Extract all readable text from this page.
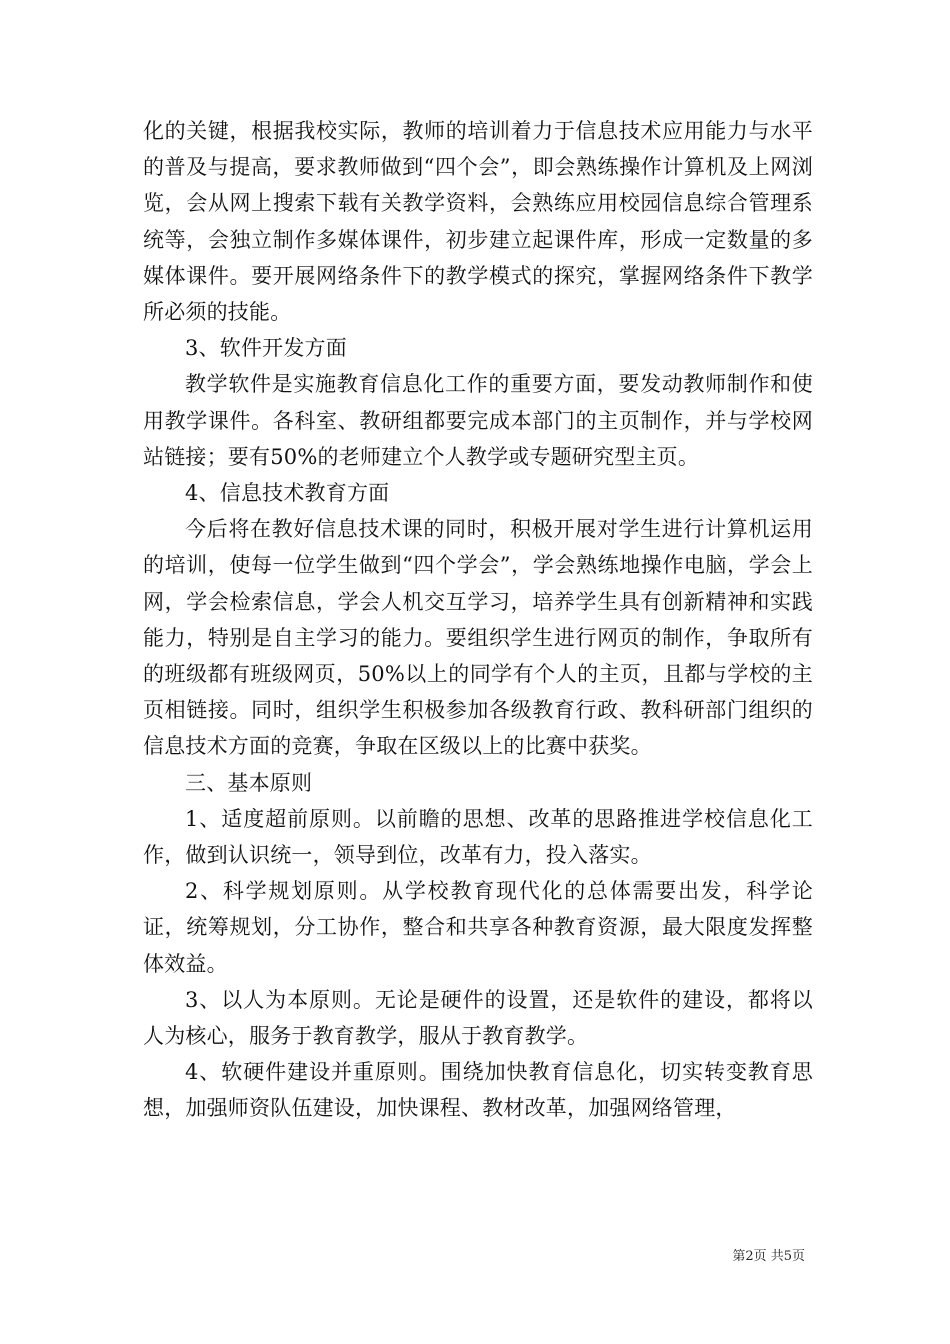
化的关键，根据我校实际，教师的培训着力于信息技术应用能力与水平的普及与提高，要求教师做到“四个会”，即会熟练操作计算机及上网浏览，会从网上搜索下载有关教学资料，会熟练应用校园信息综合管理系统等，会独立制作多媒体课件，初步建立起课件库，形成一定数量的多媒体课件。要开展网络条件下的教学模式的探究，掌握网络条件下教学所必须的技能。

3、软件开发方面

教学软件是实施教育信息化工作的重要方面，要发动教师制作和使用教学课件。各科室、教研组都要完成本部门的主页制作，并与学校网站链接；要有50%的老师建立个人教学或专题研究型主页。

4、信息技术教育方面

今后将在教好信息技术课的同时，积极开展对学生进行计算机运用的培训，使每一位学生做到“四个学会”，学会熟练地操作电脑，学会上网，学会检索信息，学会人机交互学习，培养学生具有创新精神和实践能力，特别是自主学习的能力。要组织学生进行网页的制作，争取所有的班级都有班级网页，50%以上的同学有个人的主页，且都与学校的主页相链接。同时，组织学生积极参加各级教育行政、教科研部门组织的信息技术方面的竞赛，争取在区级以上的比赛中获奖。

三、基本原则

1、适度超前原则。以前瞻的思想、改革的思路推进学校信息化工作，做到认识统一，领导到位，改革有力，投入落实。

2、科学规划原则。从学校教育现代化的总体需要出发，科学论证，统筹规划，分工协作，整合和共享各种教育资源，最大限度发挥整体效益。

3、以人为本原则。无论是硬件的设置，还是软件的建设，都将以人为核心，服务于教育教学，服从于教育教学。

4、软硬件建设并重原则。围绕加快教育信息化，切实转变教育思想，加强师资队伍建设，加快课程、教材改革，加强网络管理，

第2页 共5页
